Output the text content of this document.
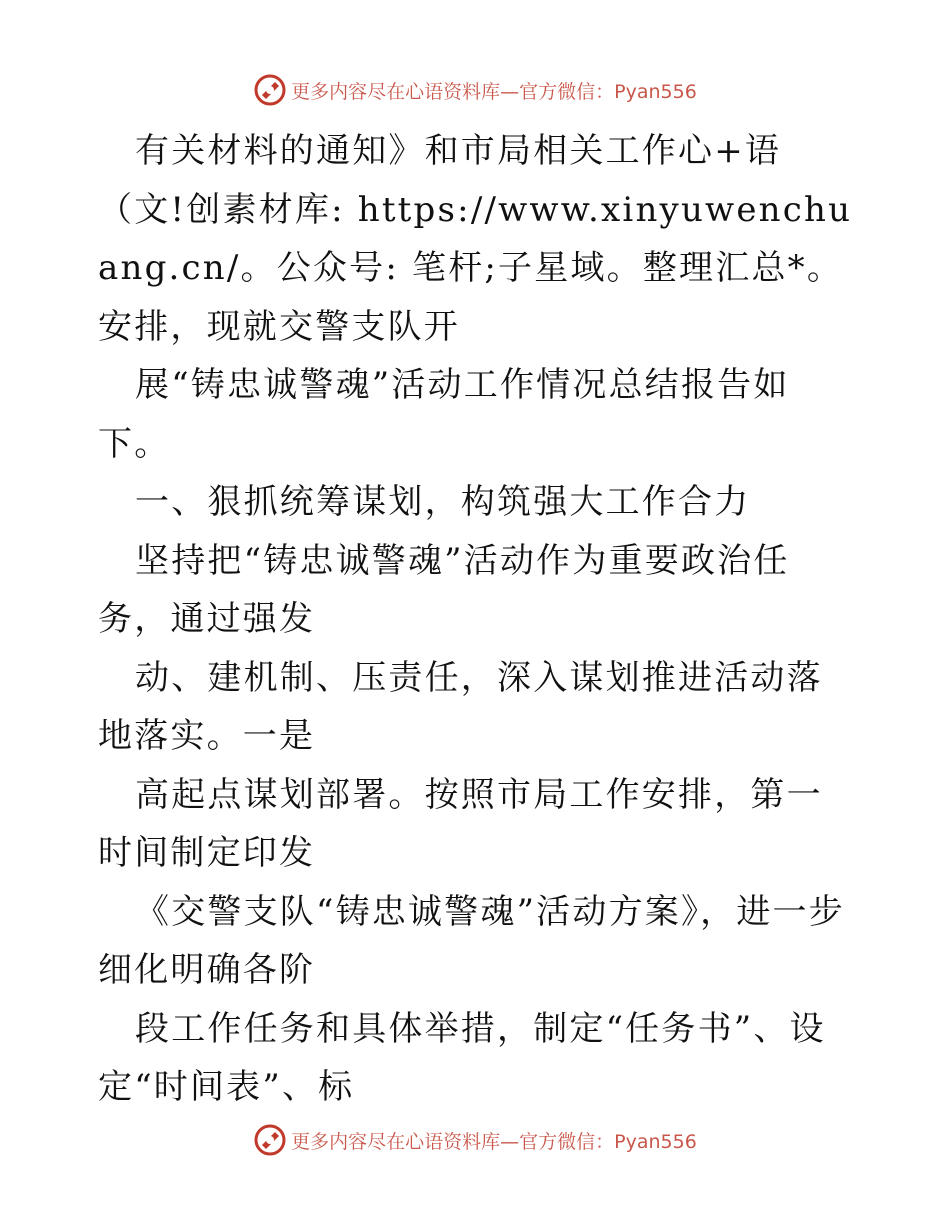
更多内容尽在心语资料库—官方微信：Pyan556

有关材料的通知》和市局相关工作心+语（文!创素材库: https://www.xinyuwenchuang.cn/。公众号: 笔杆;子星域。整理汇总*。安排，现就交警支队开

展“铸忠诚警魂”活动工作情况总结报告如下。

一、狠抓统筹谋划，构筑强大工作合力

坚持把“铸忠诚警魂”活动作为重要政治任务，通过强发

动、建机制、压责任，深入谋划推进活动落地落实。一是

高起点谋划部署。按照市局工作安排，第一时间制定印发

《交警支队“铸忠诚警魂”活动方案》，进一步细化明确各阶

段工作任务和具体举措，制定“任务书”、设定“时间表”、标

更多内容尽在心语资料库—官方微信：Pyan556
